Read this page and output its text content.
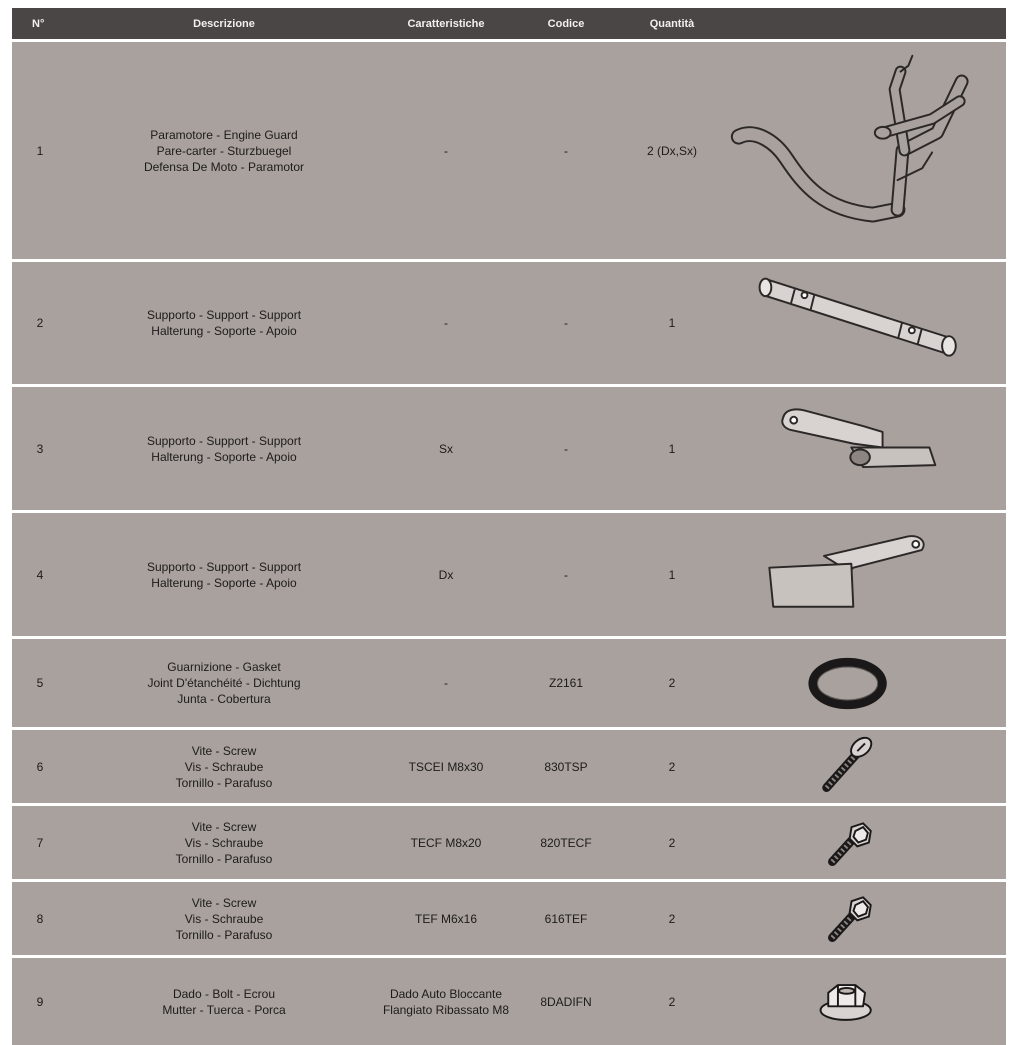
N°	Descrizione	Caratteristiche	Codice	Quantità
1
Paramotore - Engine Guard
Pare-carter - Sturzbuegel
Defensa De Moto - Paramotor
-	-	2 (Dx,Sx)
2
Supporto - Support - Support
Halterung - Soporte - Apoio
-	-	1
3
Supporto - Support - Support
Halterung - Soporte - Apoio
Sx	-	1
4
Supporto - Support - Support
Halterung - Soporte - Apoio
Dx	-	1
5
Guarnizione - Gasket
Joint D'étanchéité - Dichtung
Junta - Cobertura
-	Z2161	2
6
Vite - Screw
Vis - Schraube
Tornillo - Parafuso
TSCEI M8x30	830TSP	2
7
Vite - Screw
Vis - Schraube
Tornillo - Parafuso
TECF M8x20	820TECF	2
8
Vite - Screw
Vis - Schraube
Tornillo - Parafuso
TEF M6x16	616TEF	2
9
Dado - Bolt - Ecrou
Mutter - Tuerca - Porca
Dado Auto Bloccante
Flangiato Ribassato M8
8DADIFN	2
